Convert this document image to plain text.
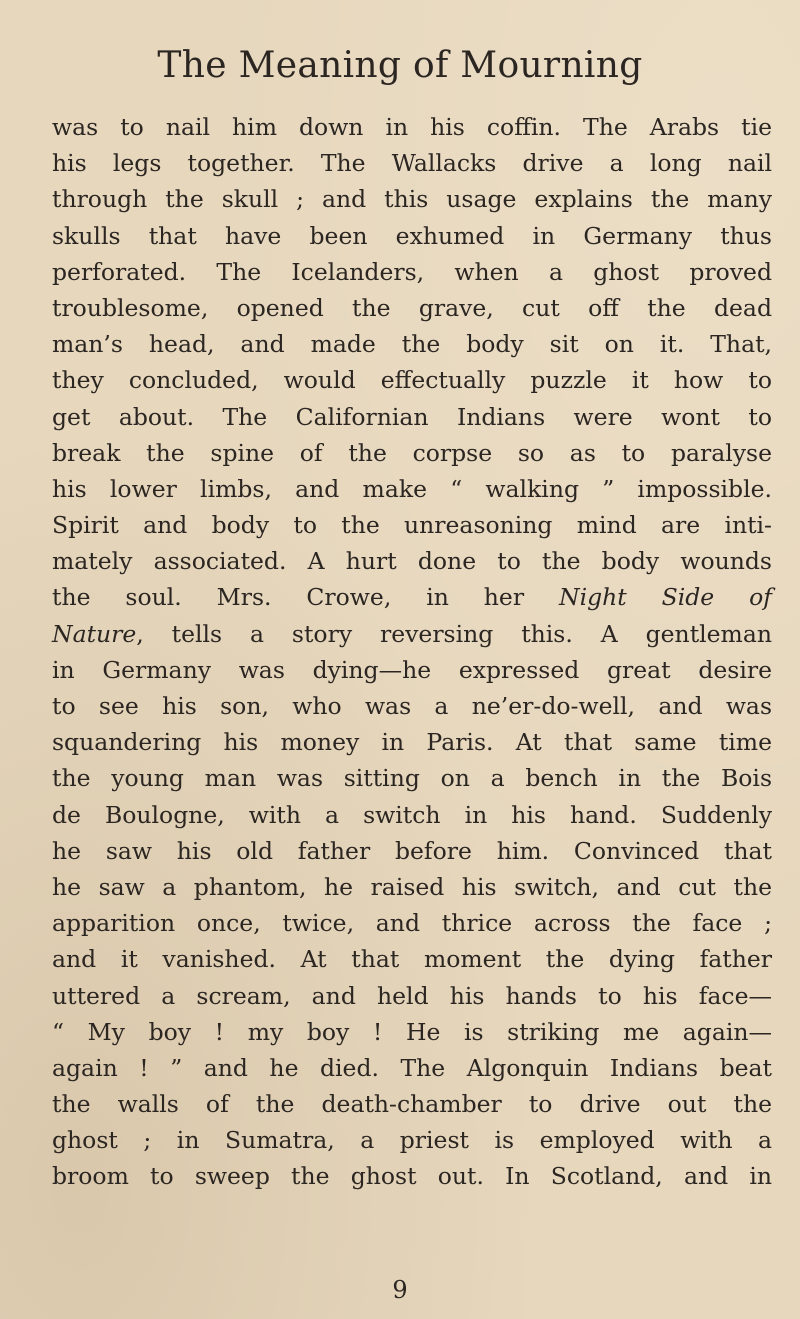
The Meaning of Mourning
was to nail him down in his coffin. The Arabs tie
his legs together. The Wallacks drive a long nail
through the skull ; and this usage explains the many
skulls that have been exhumed in Germany thus
perforated. The Icelanders, when a ghost proved
troublesome, opened the grave, cut off the dead
man’s head, and made the body sit on it. That,
they concluded, would effectually puzzle it how to
get about. The Californian Indians were wont to
break the spine of the corpse so as to paralyse
his lower limbs, and make “ walking ” impossible.
Spirit and body to the unreasoning mind are inti-
mately associated. A hurt done to the body wounds
the soul. Mrs. Crowe, in her Night Side of
Nature, tells a story reversing this. A gentleman
in Germany was dying—he expressed great desire
to see his son, who was a ne’er-do-well, and was
squandering his money in Paris. At that same time
the young man was sitting on a bench in the Bois
de Boulogne, with a switch in his hand. Suddenly
he saw his old father before him. Convinced that
he saw a phantom, he raised his switch, and cut the
apparition once, twice, and thrice across the face ;
and it vanished. At that moment the dying father
uttered a scream, and held his hands to his face—
“ My boy ! my boy ! He is striking me again—
again ! ” and he died. The Algonquin Indians beat
the walls of the death-chamber to drive out the
ghost ; in Sumatra, a priest is employed with a
broom to sweep the ghost out. In Scotland, and in
9
